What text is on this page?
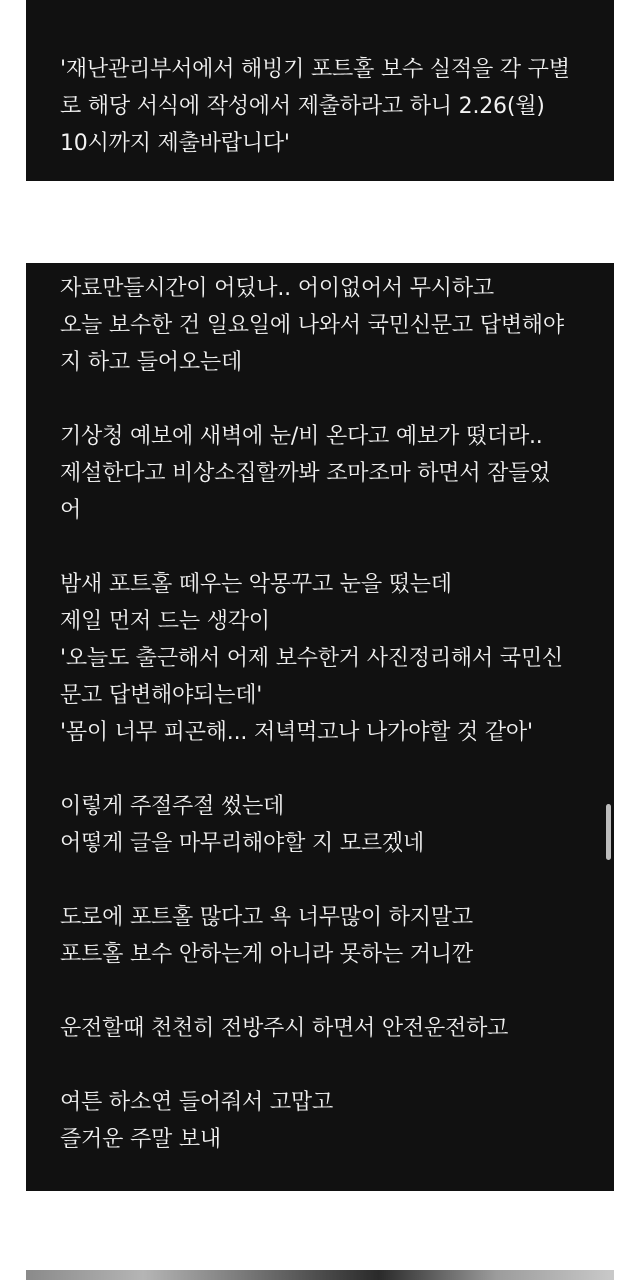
'재난관리부서에서 해빙기 포트홀 보수 실적을 각 구별
로 해당 서식에 작성에서 제출하라고 하니 2.26(월)
10시까지 제출바랍니다'
자료만들시간이 어딨나.. 어이없어서 무시하고
오늘 보수한 건 일요일에 나와서 국민신문고 답변해야
지 하고 들어오는데
기상청 예보에 새벽에 눈/비 온다고 예보가 떴더라..
제설한다고 비상소집할까봐 조마조마 하면서 잠들었
어
밤새 포트홀 떼우는 악몽꾸고 눈을 떴는데
제일 먼저 드는 생각이
'오늘도 출근해서 어제 보수한거 사진정리해서 국민신
문고 답변해야되는데'
'몸이 너무 피곤해... 저녁먹고나 나가야할 것 같아'
이렇게 주절주절 썼는데
어떻게 글을 마무리해야할 지 모르겠네
도로에 포트홀 많다고 욕 너무많이 하지말고
포트홀 보수 안하는게 아니라 못하는 거니깐
운전할때 천천히 전방주시 하면서 안전운전하고
여튼 하소연 들어줘서 고맙고
즐거운 주말 보내
